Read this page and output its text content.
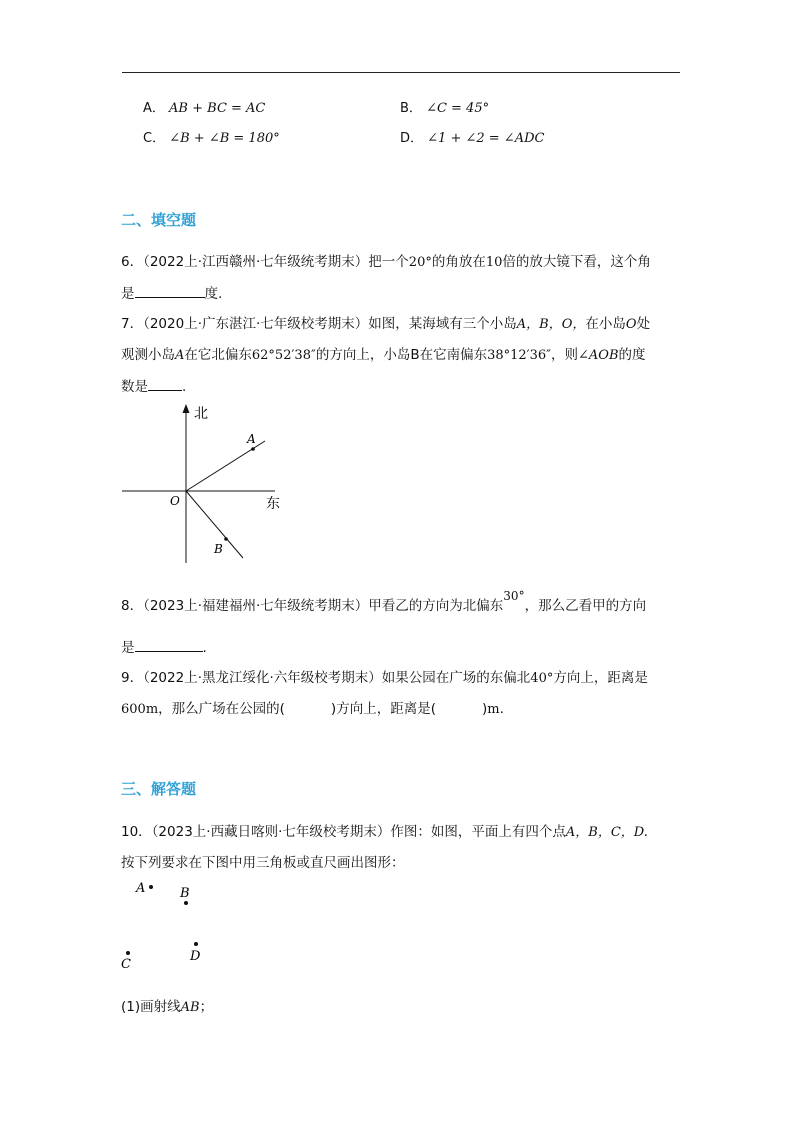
A． AB + BC = AC	B． ∠C = 45°
C． ∠B + ∠B = 180°	D． ∠1 + ∠2 = ∠ADC
二、填空题
6．（2022上·江西赣州·七年级统考期末）把一个20°的角放在10倍的放大镜下看，这个角
是	度.
7．（2020上·广东湛江·七年级校考期末）如图，某海域有三个小岛A，B，O，在小岛O处
观测小岛A在它北偏东62°52′38″的方向上，小岛B在它南偏东38°12′36″，则∠AOB的度
数是	.
北
东
A
B
O
8．（2023上·福建福州·七年级统考期末）甲看乙的方向为北偏东30°，那么乙看甲的方向
是	.
9．（2022上·黑龙江绥化·六年级校考期末）如果公园在广场的东偏北40°方向上，距离是
600m，那么广场在公园的(	)方向上，距离是(	)m.
三、解答题
10．（2023上·西藏日喀则·七年级校考期末）作图：如图，平面上有四个点A，B，C，D.
按下列要求在下图中用三角板或直尺画出图形：
A	B
C
D
(1)画射线AB；
